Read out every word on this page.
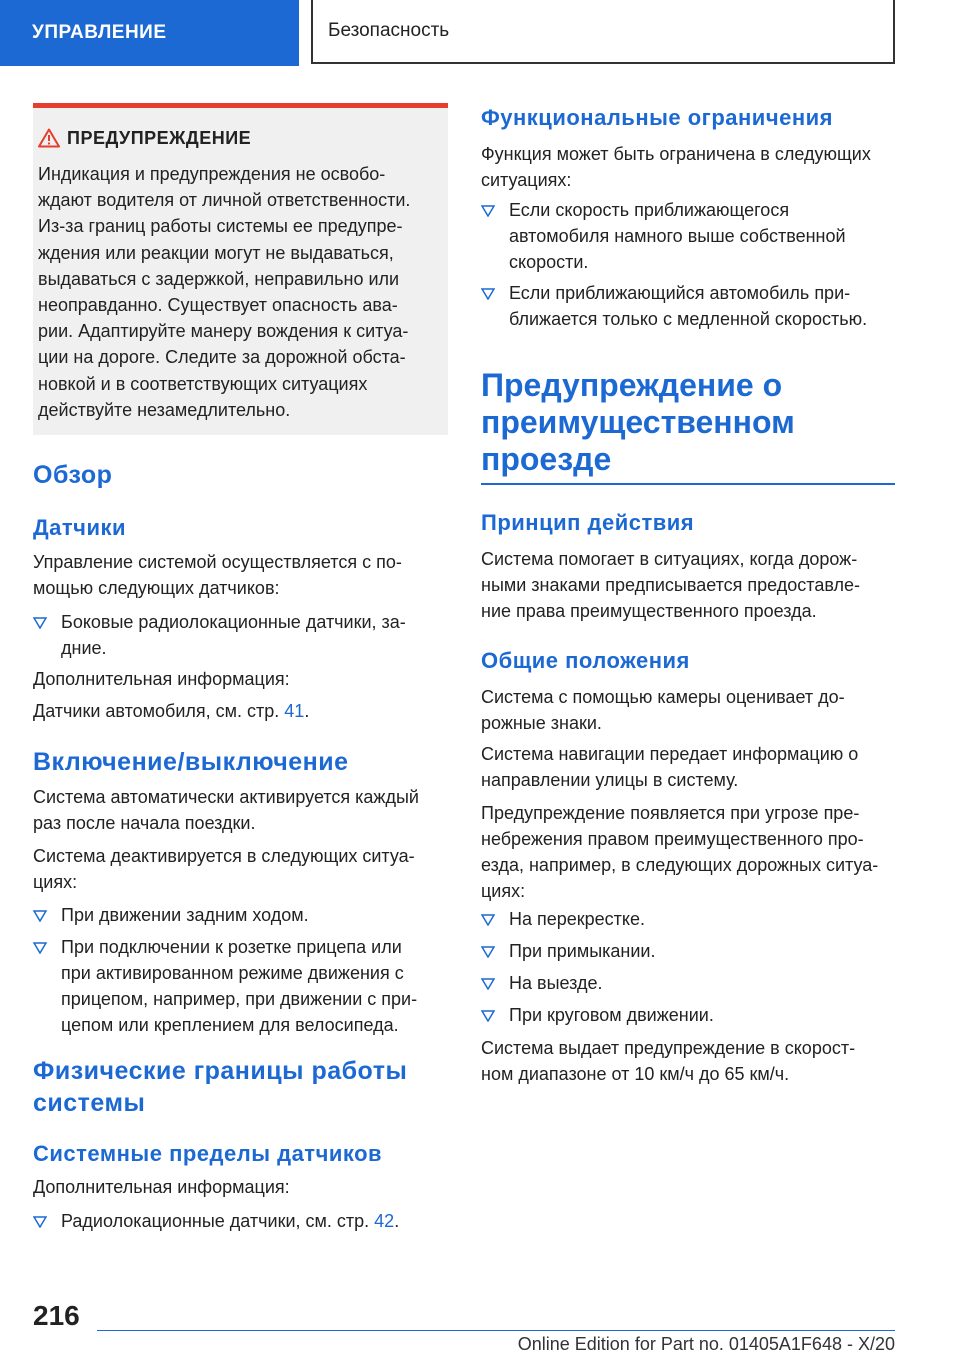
УПРАВЛЕНИЕ	Безопасность
ПРЕДУПРЕЖДЕНИЕ
Индикация и предупреждения не освобо-
ждают водителя от личной ответственности.
Из-за границ работы системы ее предупре-
ждения или реакции могут не выдаваться,
выдаваться с задержкой, неправильно или
неоправданно. Существует опасность ава-
рии. Адаптируйте манеру вождения к ситуа-
ции на дороге. Следите за дорожной обста-
новкой и в соответствующих ситуациях
действуйте незамедлительно.
Обзор
Датчики
Управление системой осуществляется с по-
мощью следующих датчиков:
Боковые радиолокационные датчики, за-
дние.
Дополнительная информация:
Датчики автомобиля, см. стр. 41.
Включение/выключение
Система автоматически активируется каждый
раз после начала поездки.
Система деактивируется в следующих ситуа-
циях:
При движении задним ходом.
При подключении к розетке прицепа или
при активированном режиме движения с
прицепом, например, при движении с при-
цепом или креплением для велосипеда.
Физические границы работы
системы
Системные пределы датчиков
Дополнительная информация:
Радиолокационные датчики, см. стр. 42.
Функциональные ограничения
Функция может быть ограничена в следующих
ситуациях:
Если скорость приближающегося
автомобиля намного выше собственной
скорости.
Если приближающийся автомобиль при-
ближается только с медленной скоростью.
Предупреждение о
преимущественном
проезде
Принцип действия
Система помогает в ситуациях, когда дорож-
ными знаками предписывается предоставле-
ние права преимущественного проезда.
Общие положения
Система с помощью камеры оценивает до-
рожные знаки.
Система навигации передает информацию о
направлении улицы в систему.
Предупреждение появляется при угрозе пре-
небрежения правом преимущественного про-
езда, например, в следующих дорожных ситуа-
циях:
На перекрестке.
При примыкании.
На выезде.
При круговом движении.
Система выдает предупреждение в скорост-
ном диапазоне от 10 км/ч до 65 км/ч.
216
Online Edition for Part no. 01405A1F648 - X/20
